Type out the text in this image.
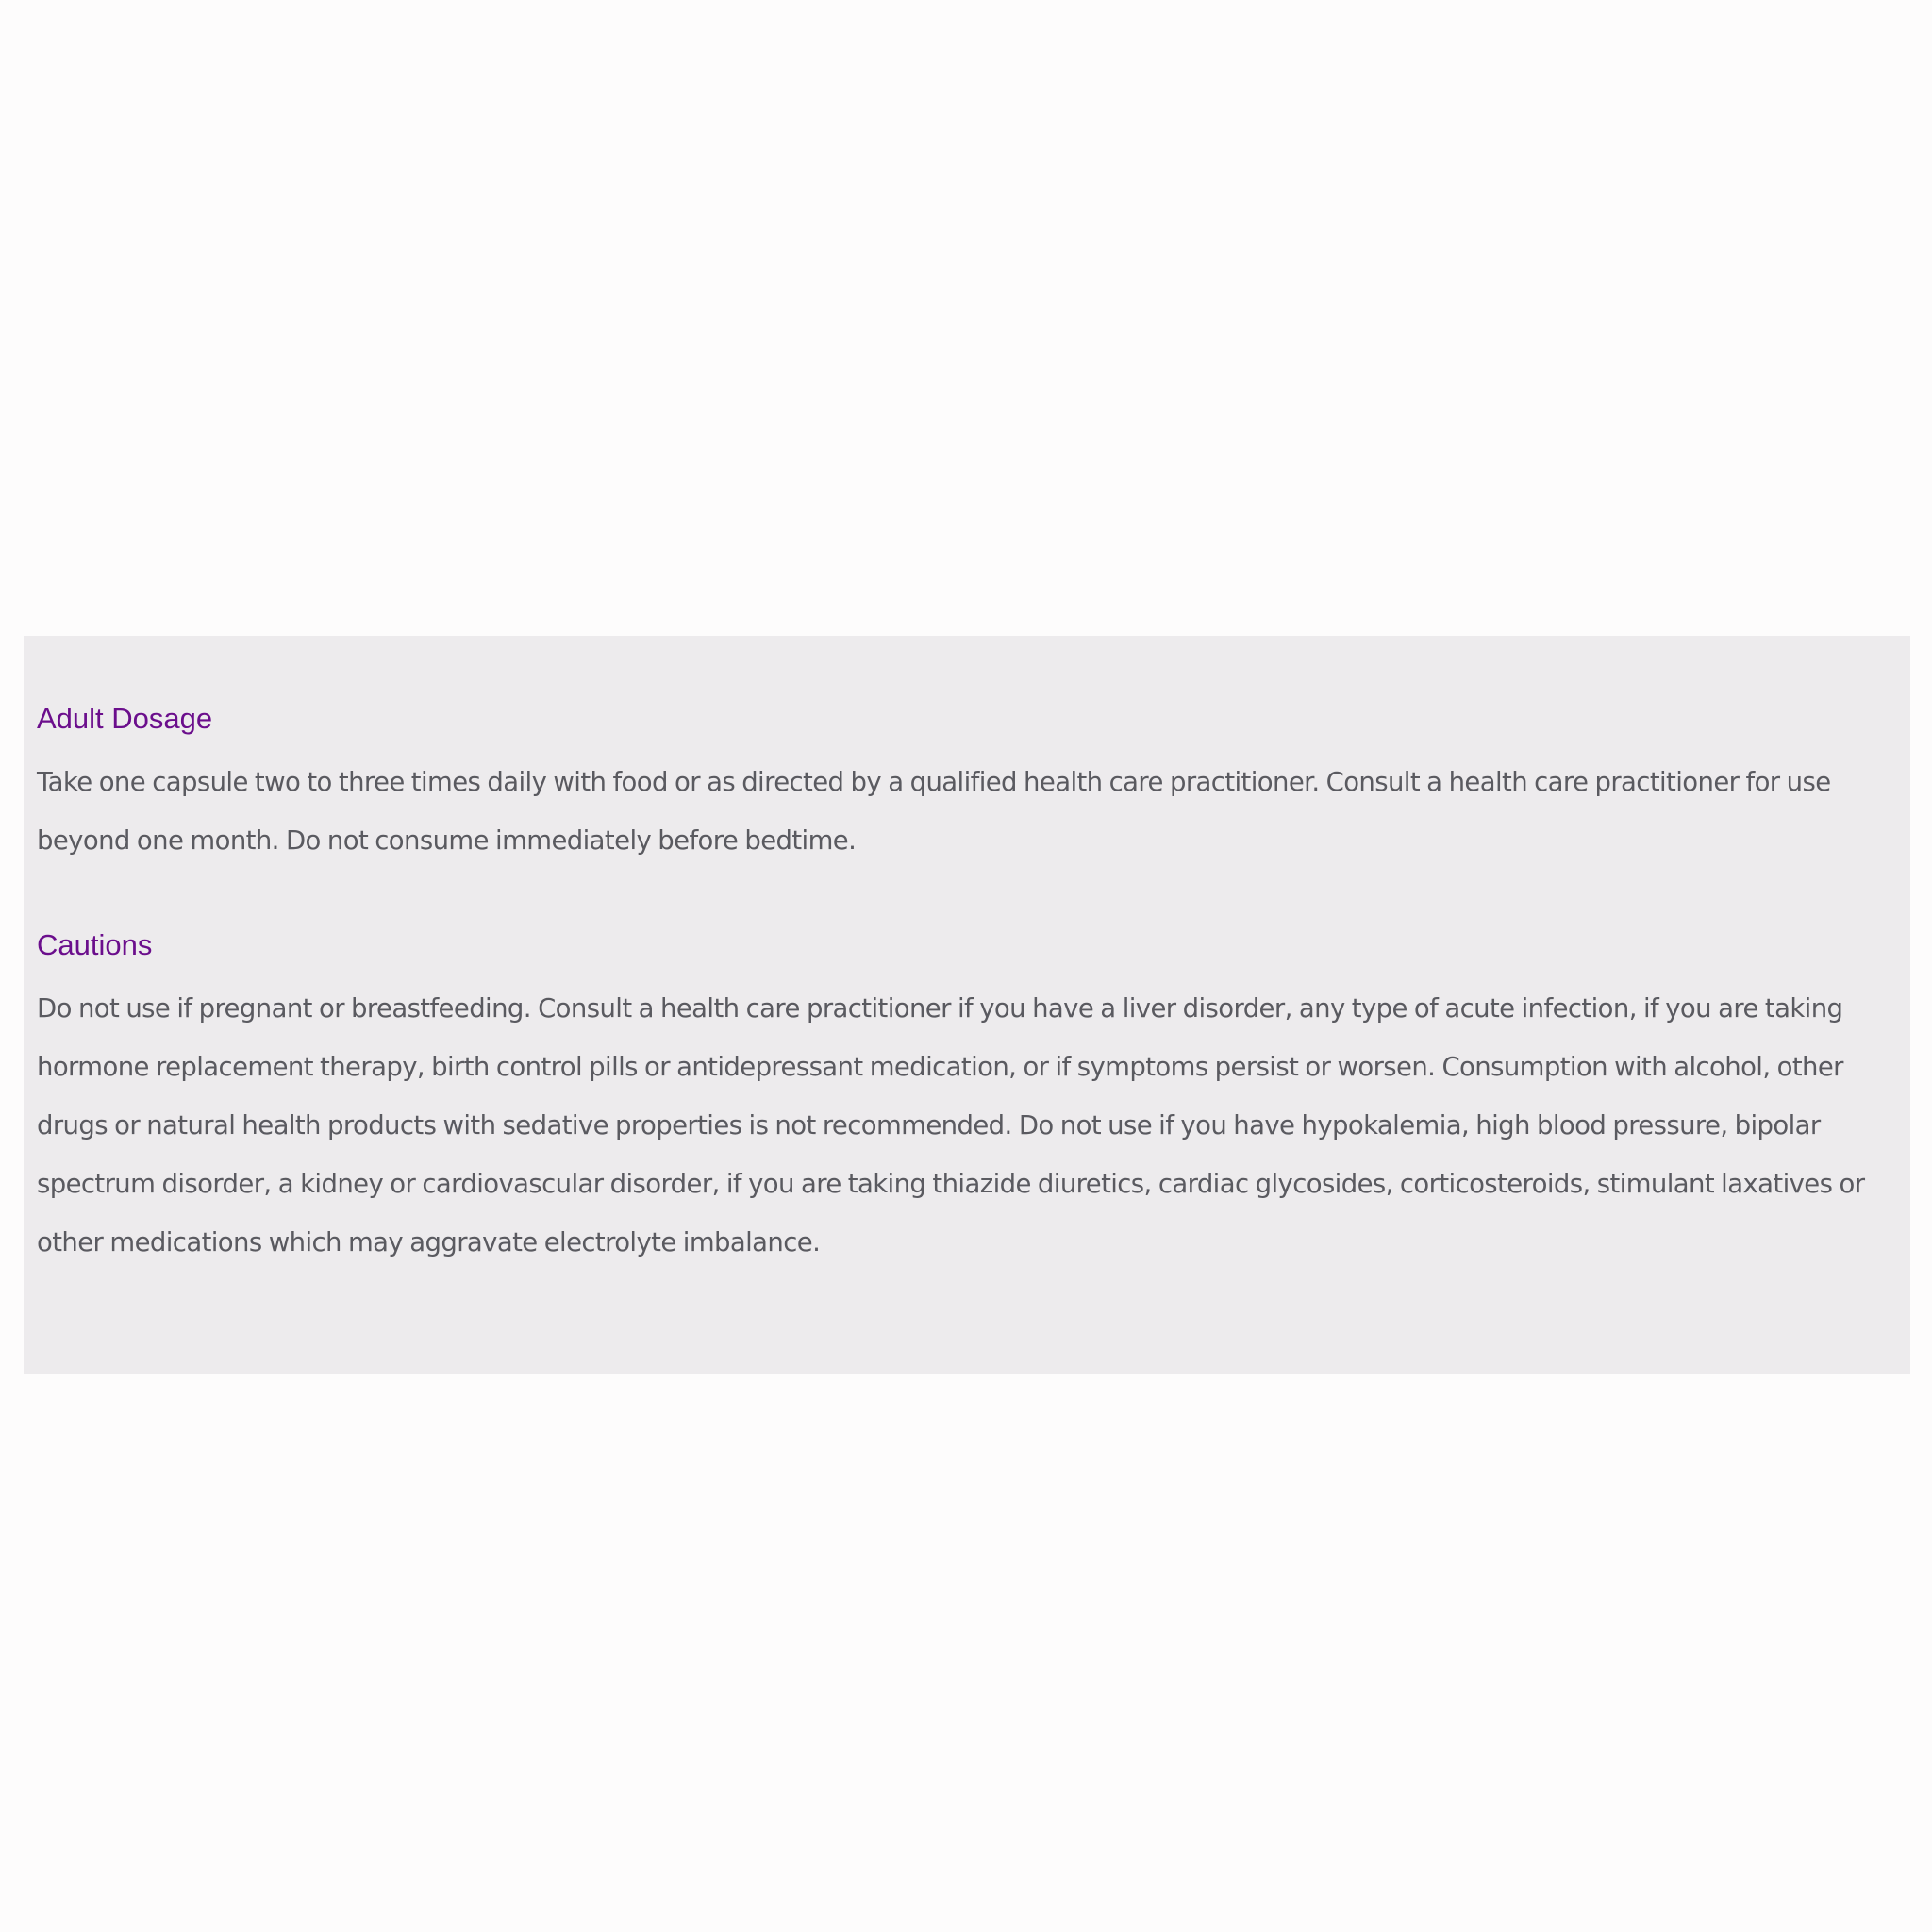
Adult Dosage

Take one capsule two to three times daily with food or as directed by a qualified health care practitioner. Consult a health care practitioner for use beyond one month. Do not consume immediately before bedtime.

Cautions

Do not use if pregnant or breastfeeding. Consult a health care practitioner if you have a liver disorder, any type of acute infection, if you are taking hormone replacement therapy, birth control pills or antidepressant medication, or if symptoms persist or worsen. Consumption with alcohol, other drugs or natural health products with sedative properties is not recommended. Do not use if you have hypokalemia, high blood pressure, bipolar spectrum disorder, a kidney or cardiovascular disorder, if you are taking thiazide diuretics, cardiac glycosides, corticosteroids, stimulant laxatives or other medications which may aggravate electrolyte imbalance.
